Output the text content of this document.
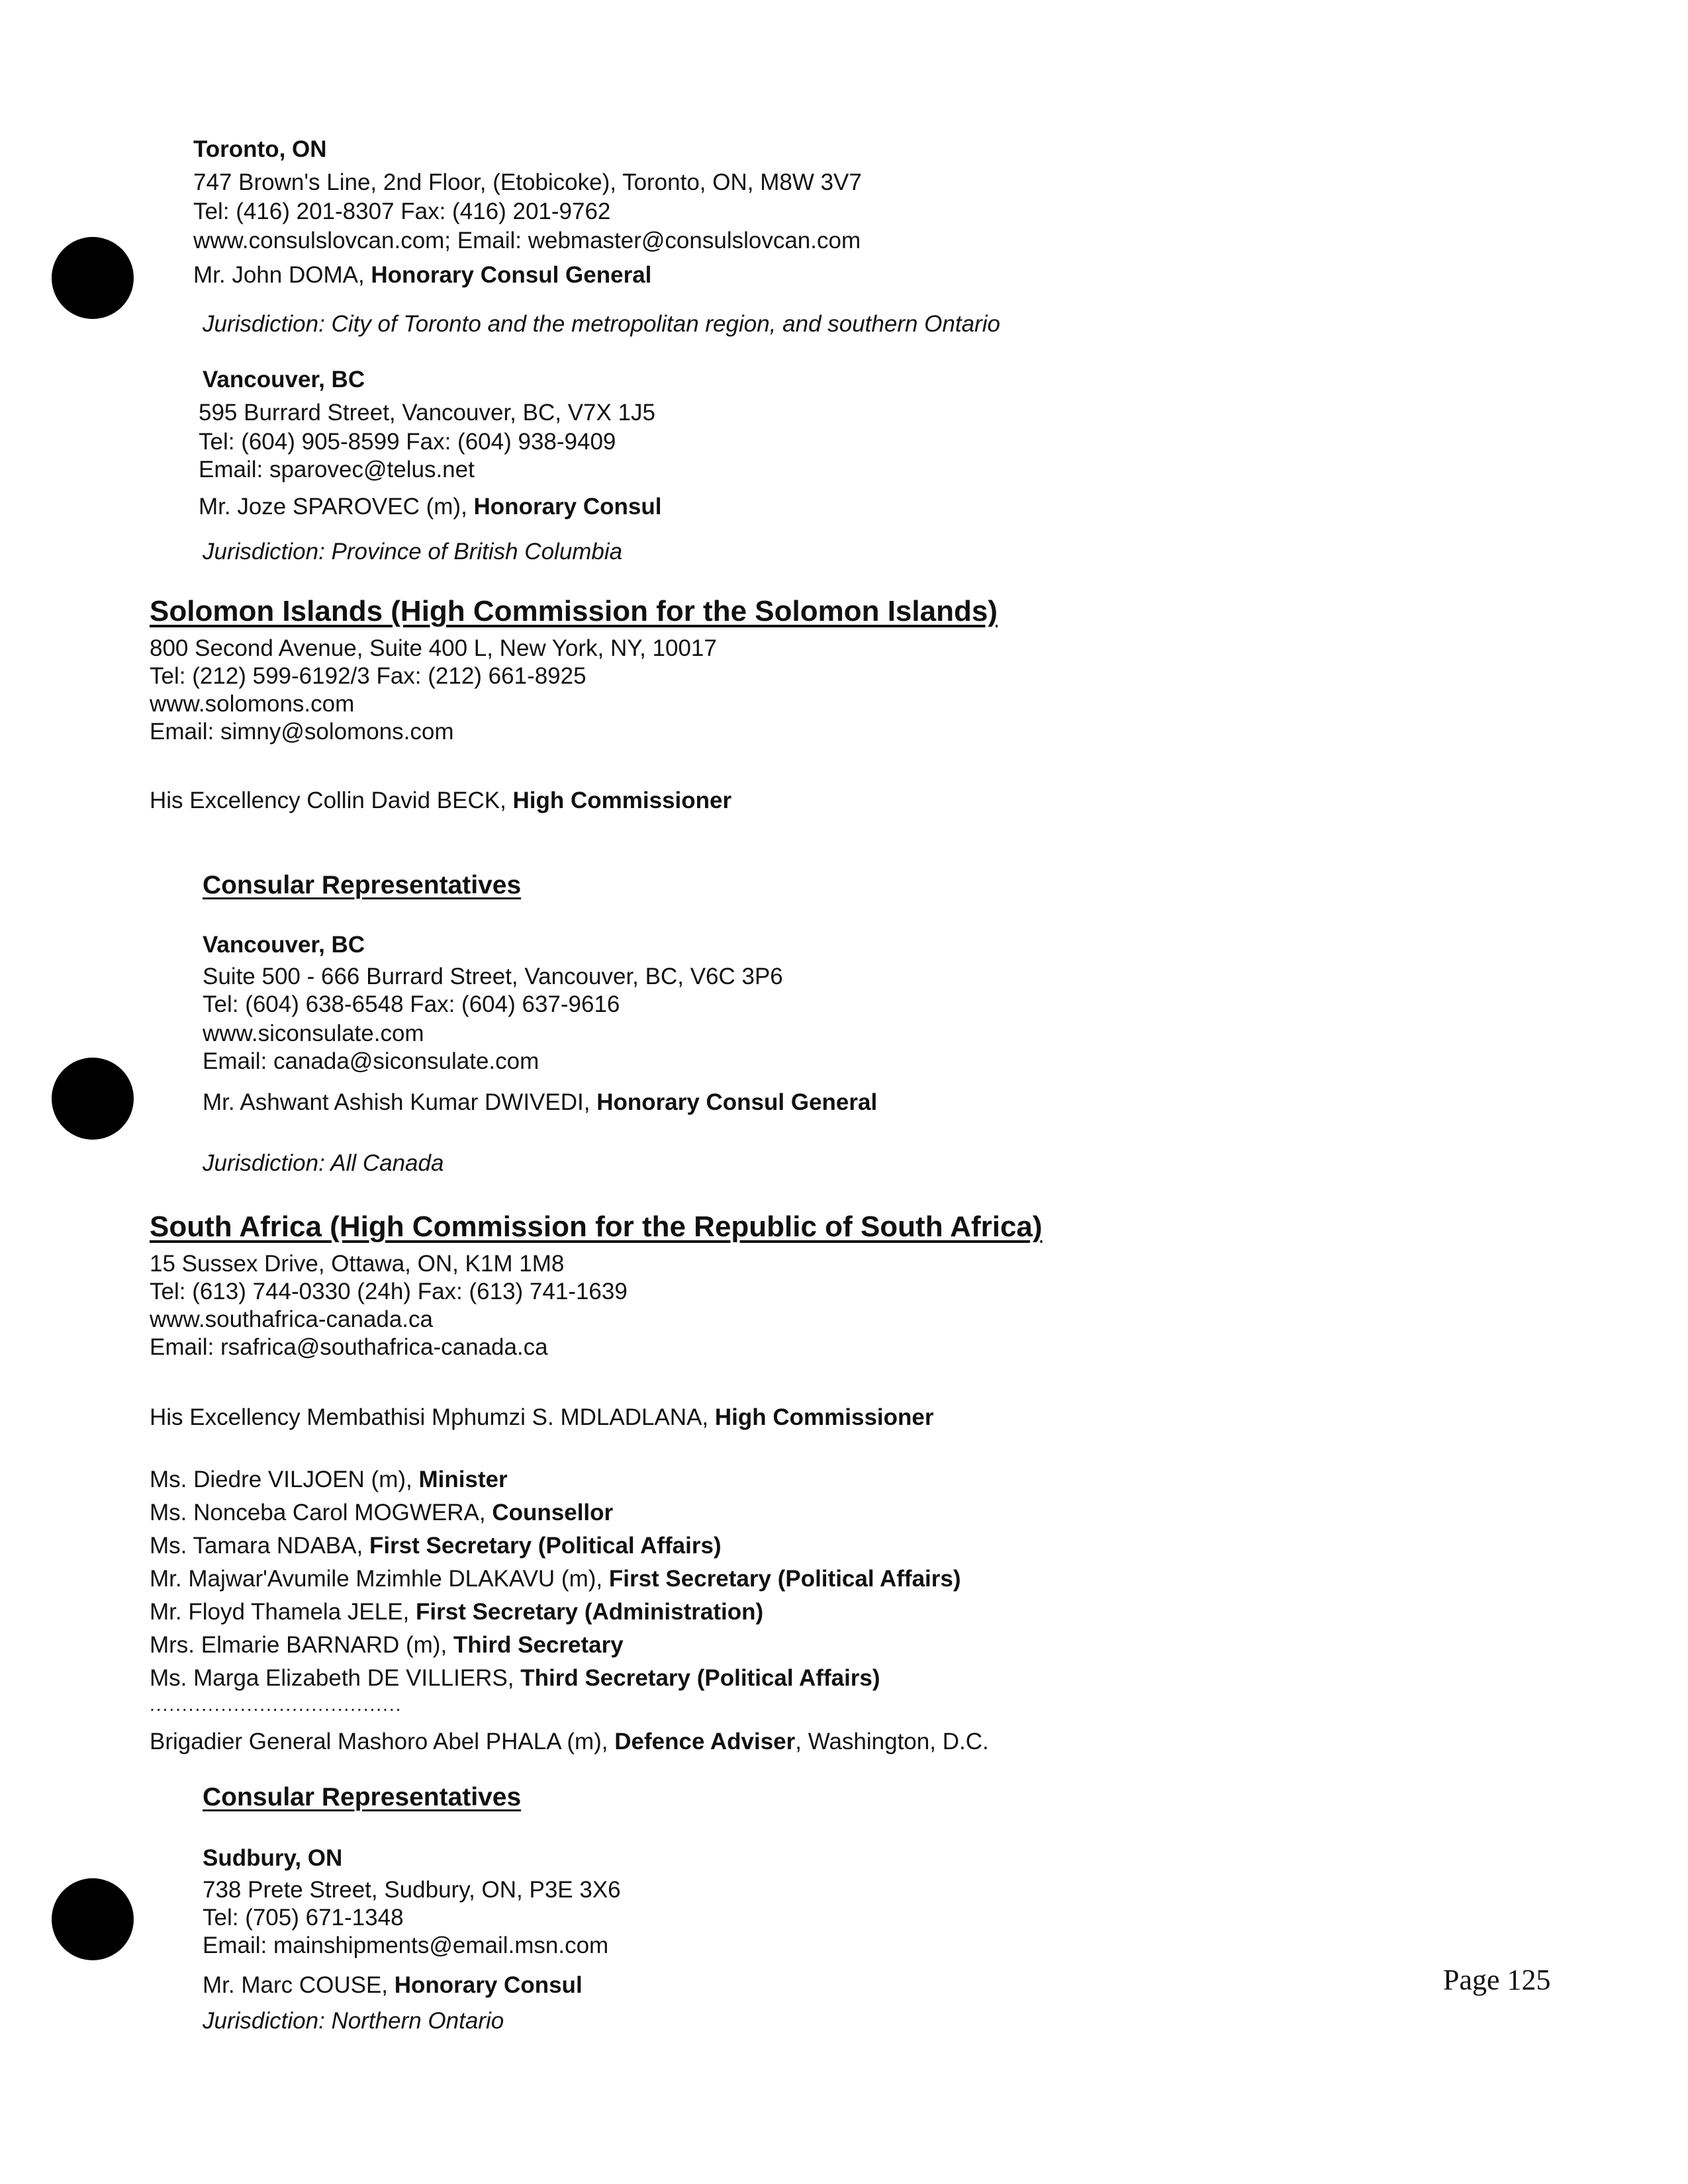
Toronto, ON
747 Brown's Line, 2nd Floor, (Etobicoke), Toronto, ON, M8W 3V7
Tel: (416) 201-8307 Fax: (416) 201-9762
www.consulslovcan.com; Email: webmaster@consulslovcan.com
Mr. John DOMA, Honorary Consul General
Jurisdiction: City of Toronto and the metropolitan region, and southern Ontario
Vancouver, BC
595 Burrard Street, Vancouver, BC, V7X 1J5
Tel: (604) 905-8599 Fax: (604) 938-9409
Email: sparovec@telus.net
Mr. Joze SPAROVEC (m), Honorary Consul
Jurisdiction: Province of British Columbia
Solomon Islands (High Commission for the Solomon Islands)
800 Second Avenue, Suite 400 L, New York, NY, 10017
Tel: (212) 599-6192/3 Fax: (212) 661-8925
www.solomons.com
Email: simny@solomons.com
His Excellency Collin David BECK, High Commissioner
Consular Representatives
Vancouver, BC
Suite 500 - 666 Burrard Street, Vancouver, BC, V6C 3P6
Tel: (604) 638-6548 Fax: (604) 637-9616
www.siconsulate.com
Email: canada@siconsulate.com
Mr. Ashwant Ashish Kumar DWIVEDI, Honorary Consul General
Jurisdiction: All Canada
South Africa (High Commission for the Republic of South Africa)
15 Sussex Drive, Ottawa, ON, K1M 1M8
Tel: (613) 744-0330 (24h) Fax: (613) 741-1639
www.southafrica-canada.ca
Email: rsafrica@southafrica-canada.ca
His Excellency Membathisi Mphumzi S. MDLADLANA, High Commissioner
Ms. Diedre VILJOEN (m), Minister
Ms. Nonceba Carol MOGWERA, Counsellor
Ms. Tamara NDABA, First Secretary (Political Affairs)
Mr. Majwar'Avumile Mzimhle DLAKAVU (m), First Secretary (Political Affairs)
Mr. Floyd Thamela JELE, First Secretary (Administration)
Mrs. Elmarie BARNARD (m), Third Secretary
Ms. Marga Elizabeth DE VILLIERS, Third Secretary (Political Affairs)
.......................................
Brigadier General Mashoro Abel PHALA (m), Defence Adviser, Washington, D.C.
Consular Representatives
Sudbury, ON
738 Prete Street, Sudbury, ON, P3E 3X6
Tel: (705) 671-1348
Email: mainshipments@email.msn.com
Mr. Marc COUSE, Honorary Consul
Jurisdiction: Northern Ontario
Page 125
